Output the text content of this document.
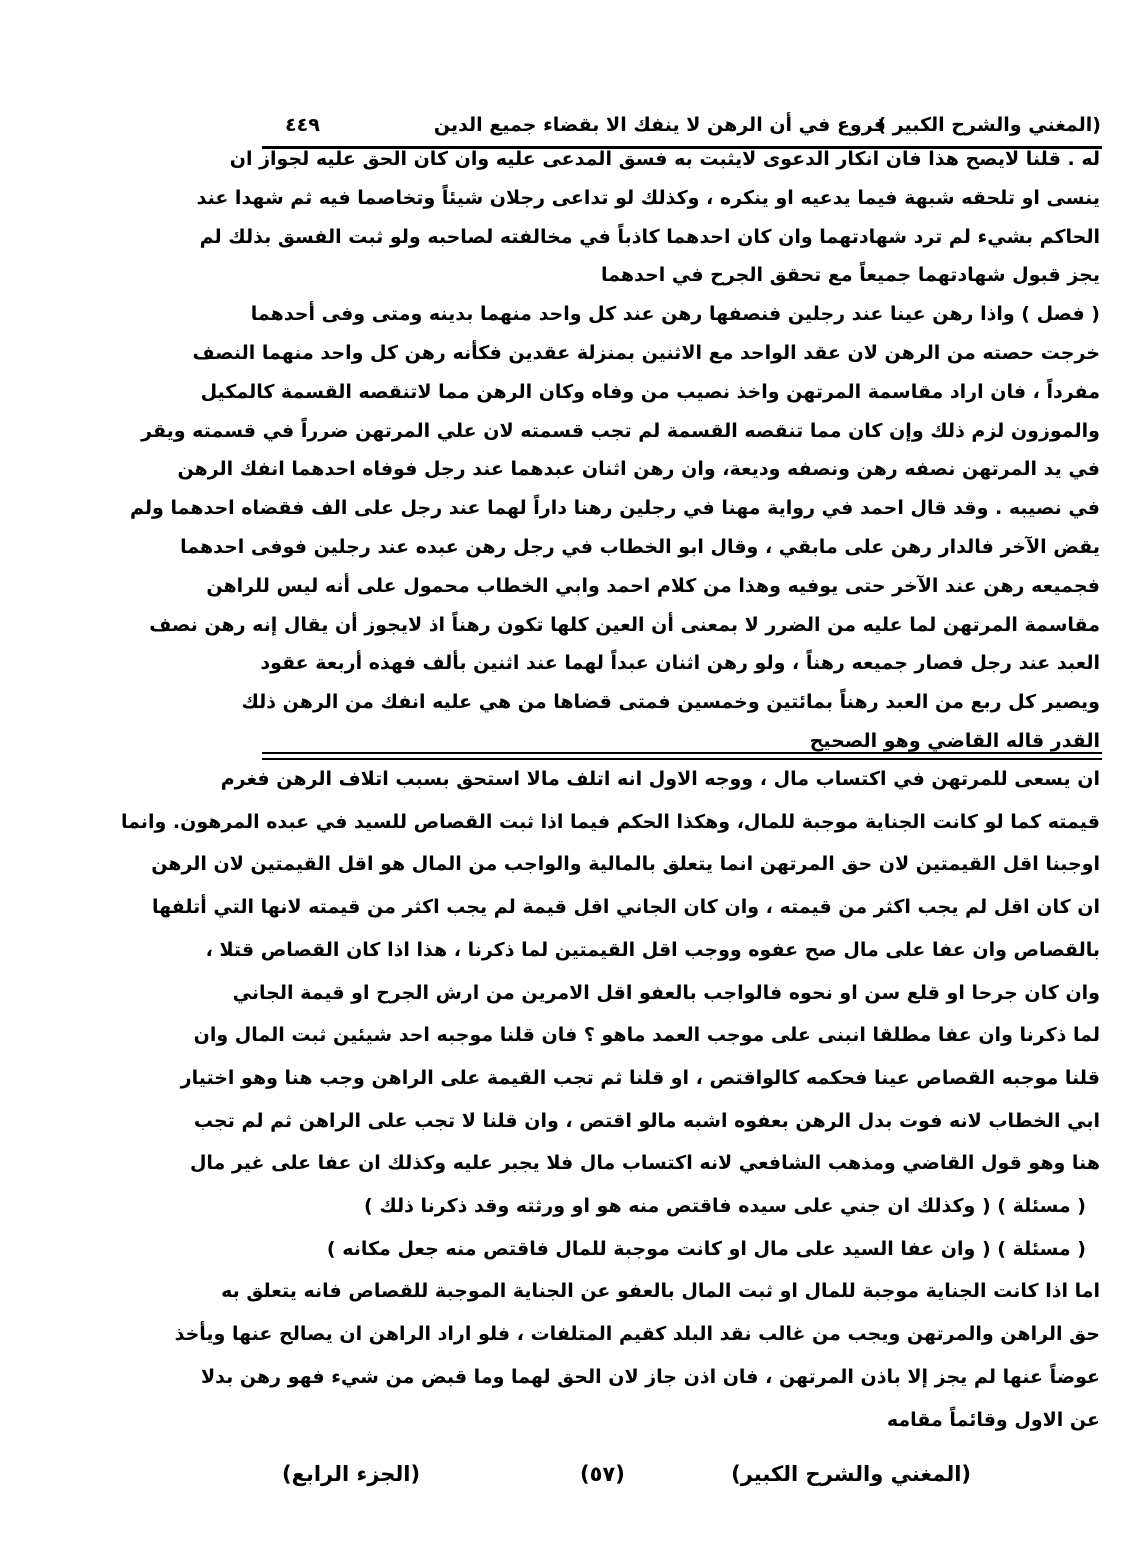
٤٤٩	(المغني والشرح الكبير )
فروع في أن الرهن لا ينفك الا بقضاء جميع الدين
له . قلنا لايصح هذا فان انكار الدعوى لايثبت به فسق المدعى عليه وان كان الحق عليه لجواز ان
ينسى او تلحقه شبهة فيما يدعيه او ينكره ، وكذلك لو تداعى رجلان شيئاً وتخاصما فيه ثم شهدا عند
الحاكم بشيء لم ترد شهادتهما وان كان احدهما كاذباً في مخالفته لصاحبه ولو ثبت الفسق بذلك لم
يجز قبول شهادتهما جميعاً مع تحقق الجرح في احدهما
( فصل ) واذا رهن عينا عند رجلين فنصفها رهن عند كل واحد منهما بدينه ومتى وفى أحدهما
خرجت حصته من الرهن لان عقد الواحد مع الاثنين بمنزلة عقدين فكأنه رهن كل واحد منهما النصف
مفرداً ، فان اراد مقاسمة المرتهن واخذ نصيب من وفاه وكان الرهن مما لاتنقصه القسمة كالمكيل
والموزون لزم ذلك وإن كان مما تنقصه القسمة لم تجب قسمته لان علي المرتهن ضرراً في قسمته ويقر
في يد المرتهن نصفه رهن ونصفه وديعة، وان رهن اثنان عبدهما عند رجل فوفاه احدهما انفك الرهن
في نصيبه . وقد قال احمد في رواية مهنا في رجلين رهنا داراً لهما عند رجل على الف فقضاه احدهما ولم
يقض الآخر فالدار رهن على مابقي ، وقال ابو الخطاب في رجل رهن عبده عند رجلين فوفى احدهما
فجميعه رهن عند الآخر حتى يوفيه وهذا من كلام احمد وابي الخطاب محمول على أنه ليس للراهن
مقاسمة المرتهن لما عليه من الضرر لا بمعنى أن العين كلها تكون رهناً اذ لايجوز أن يقال إنه رهن نصف
العبد عند رجل فصار جميعه رهناً ، ولو رهن اثنان عبداً لهما عند اثنين بألف فهذه أربعة عقود
ويصير كل ربع من العبد رهناً بمائتين وخمسين فمتى قضاها من هي عليه انفك من الرهن ذلك
القدر قاله القاضي وهو الصحيح
ان يسعى للمرتهن في اكتساب مال ، ووجه الاول انه اتلف مالا استحق بسبب اتلاف الرهن فغرم
قيمته كما لو كانت الجناية موجبة للمال، وهكذا الحكم فيما اذا ثبت القصاص للسيد في عبده المرهون. وانما
اوجبنا اقل القيمتين لان حق المرتهن انما يتعلق بالمالية والواجب من المال هو اقل القيمتين لان الرهن
ان كان اقل لم يجب اكثر من قيمته ، وان كان الجاني اقل قيمة لم يجب اكثر من قيمته لانها التي أتلفها
بالقصاص وان عفا على مال صح عفوه ووجب اقل القيمتين لما ذكرنا ، هذا اذا كان القصاص قتلا ،
وان كان جرحا او قلع سن او نحوه فالواجب بالعفو اقل الامرين من ارش الجرح او قيمة الجاني
لما ذكرنا وان عفا مطلقا انبنى على موجب العمد ماهو ؟ فان قلنا موجبه احد شيئين ثبت المال وان
قلنا موجبه القصاص عينا فحكمه كالواقتص ، او قلنا ثم تجب القيمة على الراهن وجب هنا وهو اختيار
ابي الخطاب لانه فوت بدل الرهن بعفوه اشبه مالو اقتص ، وان قلنا لا تجب على الراهن ثم لم تجب
هنا وهو قول القاضي ومذهب الشافعي لانه اكتساب مال فلا يجبر عليه وكذلك ان عفا على غير مال
( مسئلة ) ( وكذلك ان جني على سيده فاقتص منه هو او ورثته وقد ذكرنا ذلك )
( مسئلة ) ( وان عفا السيد على مال او كانت موجبة للمال فاقتص منه جعل مكانه )
اما اذا كانت الجناية موجبة للمال او ثبت المال بالعفو عن الجناية الموجبة للقصاص فانه يتعلق به
حق الراهن والمرتهن ويجب من غالب نقد البلد كقيم المتلفات ، فلو اراد الراهن ان يصالح عنها ويأخذ
عوضاً عنها لم يجز إلا باذن المرتهن ، فان اذن جاز لان الحق لهما وما قبض من شيء فهو رهن بدلا
عن الاول وقائماً مقامه
(المغني والشرح الكبير)
(٥٧)
(الجزء الرابع)
